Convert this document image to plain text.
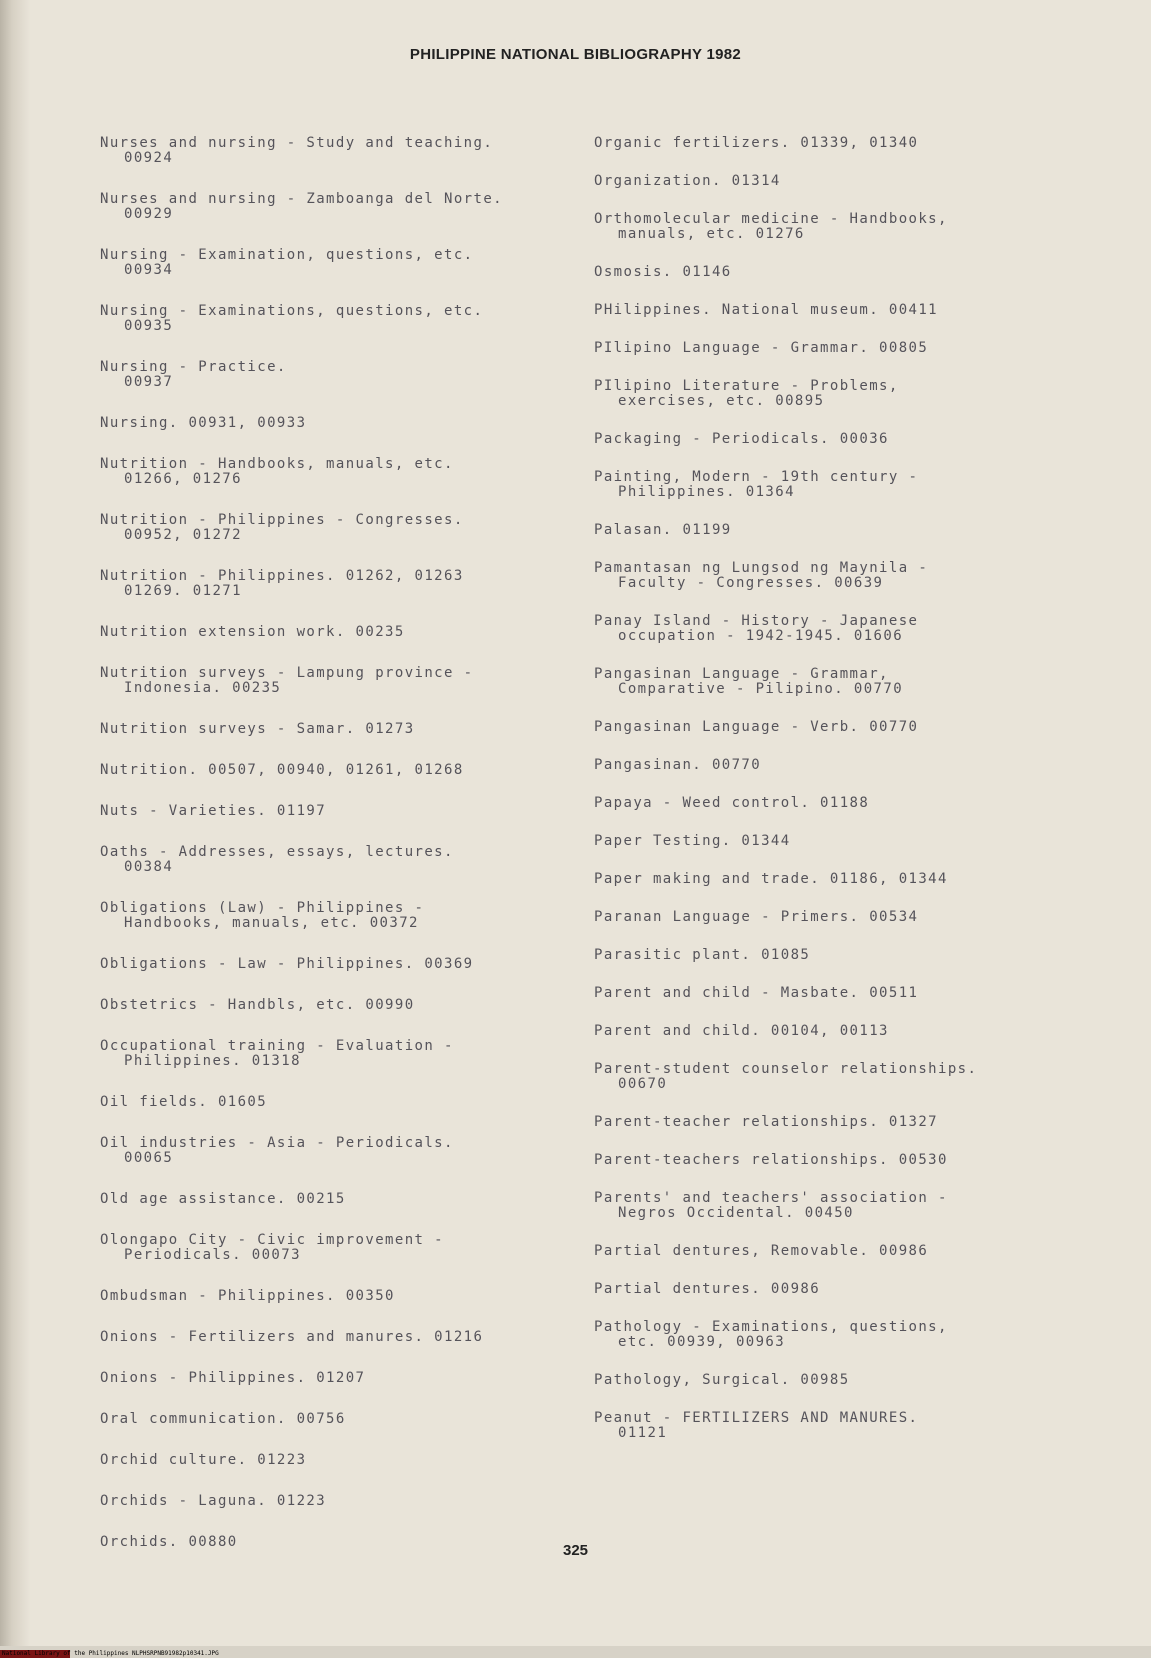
PHILIPPINE NATIONAL BIBLIOGRAPHY 1982

Nurses and nursing - Study and teaching.
00924

Nurses and nursing - Zamboanga del Norte.
00929

Nursing - Examination, questions, etc.
00934

Nursing - Examinations, questions, etc.
00935

Nursing - Practice.
00937

Nursing. 00931, 00933

Nutrition - Handbooks, manuals, etc.
01266, 01276

Nutrition - Philippines - Congresses.
00952, 01272

Nutrition - Philippines. 01262, 01263
01269. 01271

Nutrition extension work. 00235

Nutrition surveys - Lampung province -
Indonesia. 00235

Nutrition surveys - Samar. 01273

Nutrition. 00507, 00940, 01261, 01268

Nuts - Varieties. 01197

Oaths - Addresses, essays, lectures.
00384

Obligations (Law) - Philippines -
Handbooks, manuals, etc. 00372

Obligations - Law - Philippines. 00369

Obstetrics - Handbls, etc. 00990

Occupational training - Evaluation -
Philippines. 01318

Oil fields. 01605

Oil industries - Asia - Periodicals.
00065

Old age assistance. 00215

Olongapo City - Civic improvement -
Periodicals. 00073

Ombudsman - Philippines. 00350

Onions - Fertilizers and manures. 01216

Onions - Philippines. 01207

Oral communication. 00756

Orchid culture. 01223

Orchids - Laguna. 01223

Orchids. 00880

Organic fertilizers. 01339, 01340

Organization. 01314

Orthomolecular medicine - Handbooks,
manuals, etc. 01276

Osmosis. 01146

PHilippines. National museum. 00411

PIlipino Language - Grammar. 00805

PIlipino Literature - Problems,
exercises, etc. 00895

Packaging - Periodicals. 00036

Painting, Modern - 19th century -
Philippines. 01364

Palasan. 01199

Pamantasan ng Lungsod ng Maynila -
Faculty - Congresses. 00639

Panay Island - History - Japanese
occupation - 1942-1945. 01606

Pangasinan Language - Grammar,
Comparative - Pilipino. 00770

Pangasinan Language - Verb. 00770

Pangasinan. 00770

Papaya - Weed control. 01188

Paper Testing. 01344

Paper making and trade. 01186, 01344

Paranan Language - Primers. 00534

Parasitic plant. 01085

Parent and child - Masbate. 00511

Parent and child. 00104, 00113

Parent-student counselor relationships.
00670

Parent-teacher relationships. 01327

Parent-teachers relationships. 00530

Parents' and teachers' association -
Negros Occidental. 00450

Partial dentures, Removable. 00986

Partial dentures. 00986

Pathology - Examinations, questions,
etc. 00939, 00963

Pathology, Surgical. 00985

Peanut - FERTILIZERS AND MANURES.
01121

325
National Library of the Philippines NLPHSRPNB91982p10341.JPG
